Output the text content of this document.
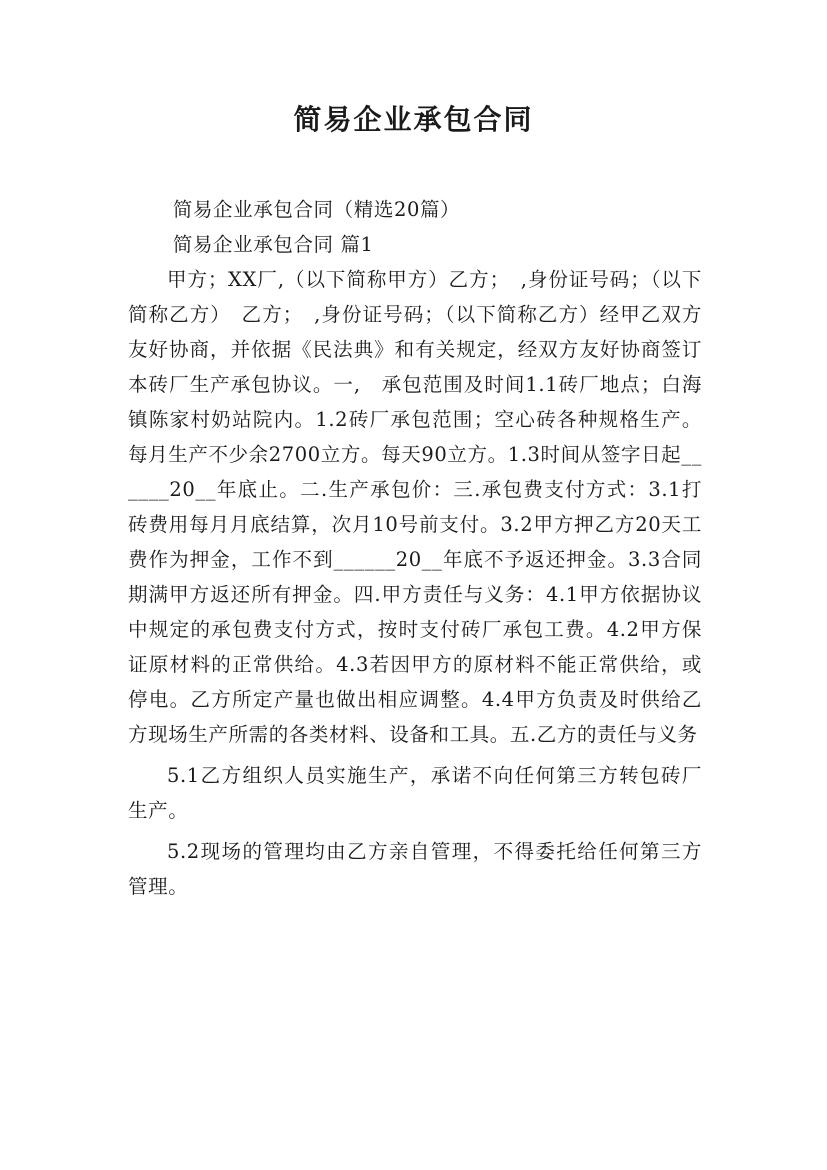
简易企业承包合同

简易企业承包合同（精选20篇）

简易企业承包合同 篇1

甲方；XX厂,（以下简称甲方）乙方；　,身份证号码；（以下简称乙方）　乙方；　,身份证号码；（以下简称乙方）经甲乙双方友好协商，并依据《民法典》和有关规定，经双方友好协商签订本砖厂生产承包协议。一,　承包范围及时间1.1砖厂地点；白海镇陈家村奶站院内。1.2砖厂承包范围；空心砖各种规格生产。每月生产不少余2700立方。每天90立方。1.3时间从签字日起______20__年底止。二.生产承包价：三.承包费支付方式：3.1打砖费用每月月底结算，次月10号前支付。3.2甲方押乙方20天工费作为押金，工作不到______20__年底不予返还押金。3.3合同期满甲方返还所有押金。四.甲方责任与义务：4.1甲方依据协议中规定的承包费支付方式，按时支付砖厂承包工费。4.2甲方保证原材料的正常供给。4.3若因甲方的原材料不能正常供给，或停电。乙方所定产量也做出相应调整。4.4甲方负责及时供给乙方现场生产所需的各类材料、设备和工具。五.乙方的责任与义务

5.1乙方组织人员实施生产，承诺不向任何第三方转包砖厂生产。

5.2现场的管理均由乙方亲自管理，不得委托给任何第三方管理。
